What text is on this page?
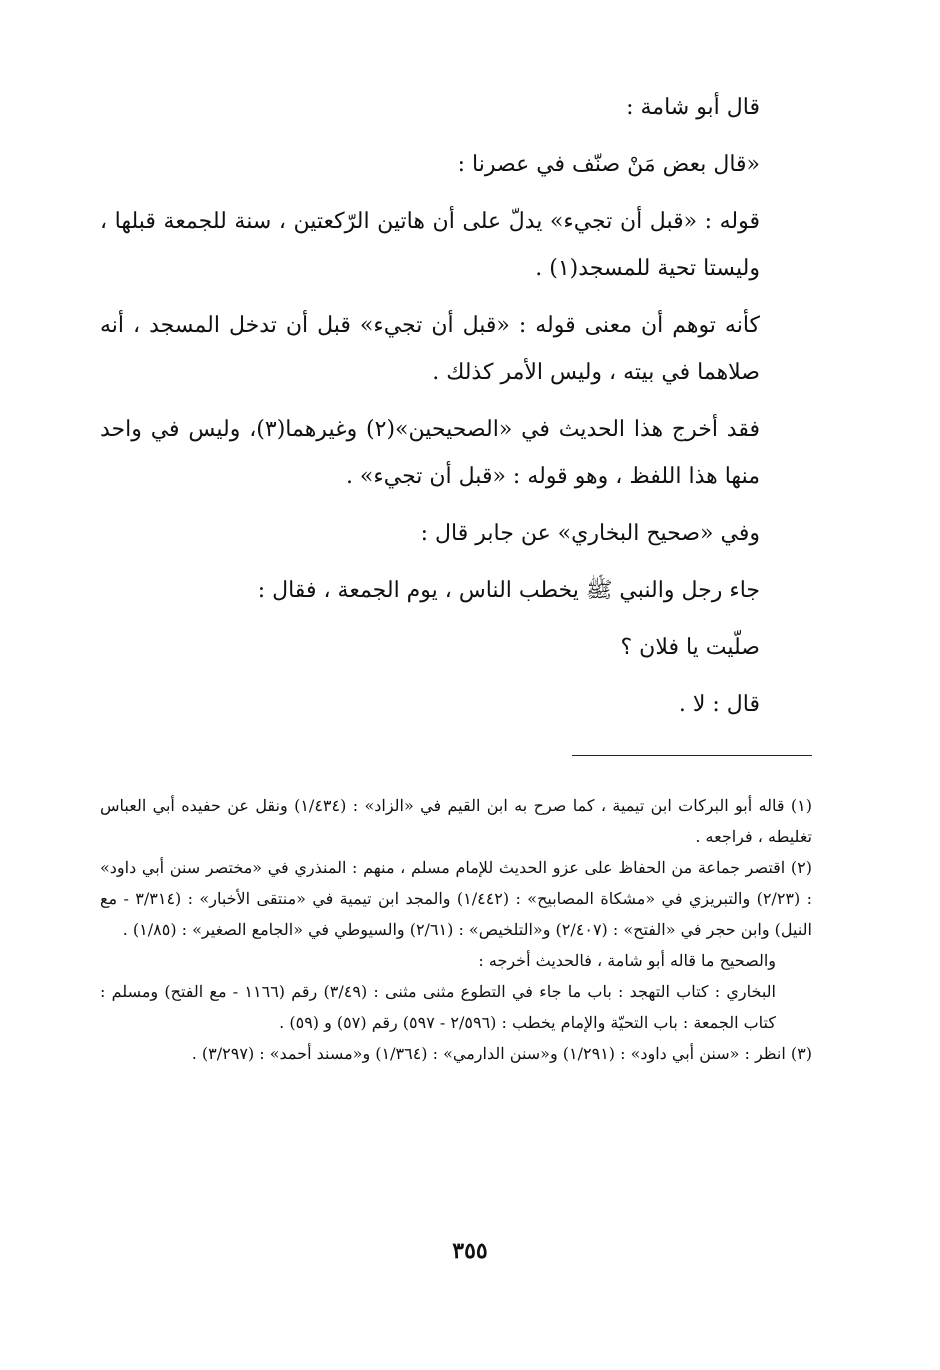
قال أبو شامة :

«قال بعض مَنْ صنّف في عصرنا :

قوله : «قبل أن تجيء» يدلّ على أن هاتين الرّكعتين ، سنة للجمعة قبلها ، وليستا تحية للمسجد(١) .

كأنه توهم أن معنى قوله : «قبل أن تجيء» قبل أن تدخل المسجد ، أنه صلاهما في بيته ، وليس الأمر كذلك .

فقد أخرج هذا الحديث في «الصحيحين»(٢) وغيرهما(٣)، وليس في واحد منها هذا اللفظ ، وهو قوله : «قبل أن تجيء» .

وفي «صحيح البخاري» عن جابر قال :

جاء رجل والنبي ﷺ يخطب الناس ، يوم الجمعة ، فقال :

صلّيت يا فلان ؟

قال : لا .

(١) قاله أبو البركات ابن تيمية ، كما صرح به ابن القيم في «الزاد» : (١/٤٣٤) ونقل عن حفيده أبي العباس تغليطه ، فراجعه .

(٢) اقتصر جماعة من الحفاظ على عزو الحديث للإمام مسلم ، منهم : المنذري في «مختصر سنن أبي داود» : (٢/٢٣) والتبريزي في «مشكاة المصابيح» : (١/٤٤٢) والمجد ابن تيمية في «منتقى الأخبار» : (٣/٣١٤ - مع النيل) وابن حجر في «الفتح» : (٢/٤٠٧) و«التلخيص» : (٢/٦١) والسيوطي في «الجامع الصغير» : (١/٨٥) .

والصحيح ما قاله أبو شامة ، فالحديث أخرجه :

البخاري : كتاب التهجد : باب ما جاء في التطوع مثنى مثنى : (٣/٤٩) رقم (١١٦٦ - مع الفتح) ومسلم : كتاب الجمعة : باب التحيّة والإمام يخطب : (٢/٥٩٦ - ٥٩٧) رقم (٥٧) و (٥٩) .

(٣) انظر : «سنن أبي داود» : (١/٢٩١) و«سنن الدارمي» : (١/٣٦٤) و«مسند أحمد» : (٣/٢٩٧) .

٣٥٥
